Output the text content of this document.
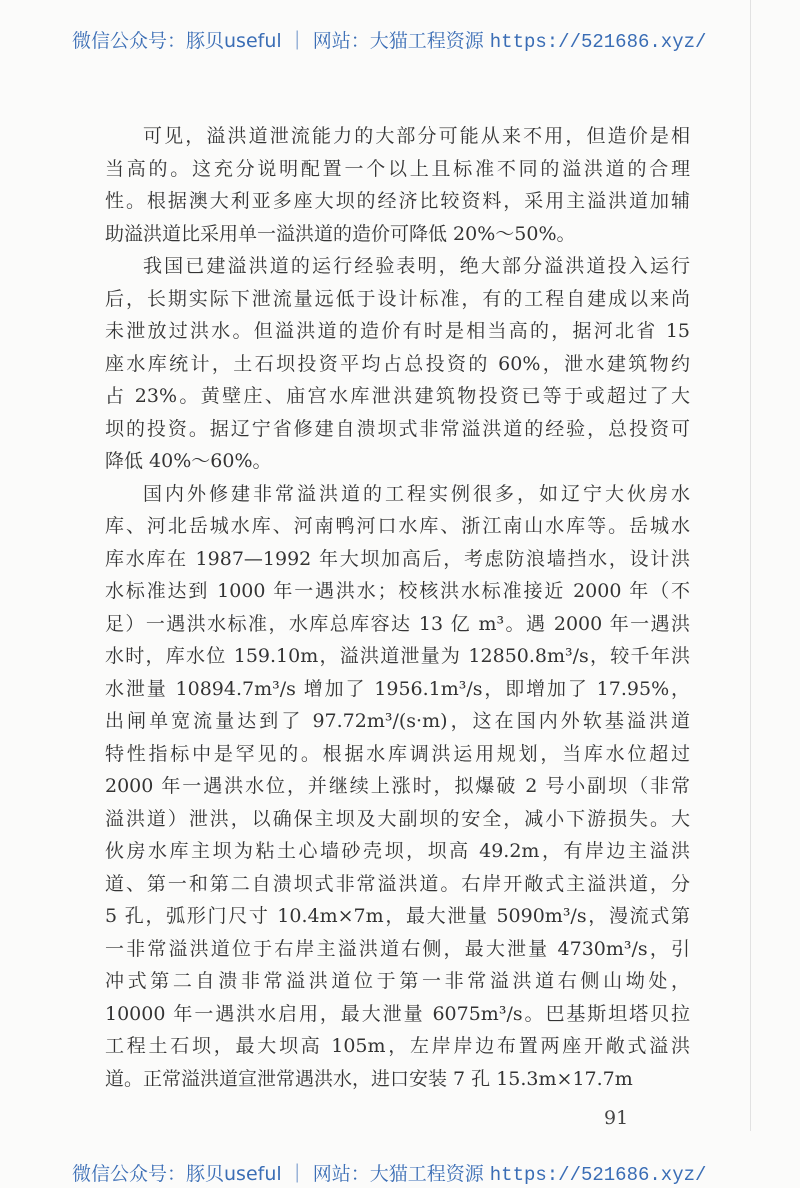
微信公众号：豚贝useful ｜ 网站：大猫工程资源 https://521686.xyz/
可见，溢洪道泄流能力的大部分可能从来不用，但造价是相
当高的。这充分说明配置一个以上且标准不同的溢洪道的合理
性。根据澳大利亚多座大坝的经济比较资料，采用主溢洪道加辅
助溢洪道比采用单一溢洪道的造价可降低 20%～50%。
我国已建溢洪道的运行经验表明，绝大部分溢洪道投入运行
后，长期实际下泄流量远低于设计标准，有的工程自建成以来尚
未泄放过洪水。但溢洪道的造价有时是相当高的，据河北省 15
座水库统计，土石坝投资平均占总投资的 60%，泄水建筑物约
占 23%。黄壁庄、庙宫水库泄洪建筑物投资已等于或超过了大
坝的投资。据辽宁省修建自溃坝式非常溢洪道的经验，总投资可
降低 40%～60%。
国内外修建非常溢洪道的工程实例很多，如辽宁大伙房水
库、河北岳城水库、河南鸭河口水库、浙江南山水库等。岳城水
库水库在 1987—1992 年大坝加高后，考虑防浪墙挡水，设计洪
水标准达到 1000 年一遇洪水；校核洪水标准接近 2000 年（不
足）一遇洪水标准，水库总库容达 13 亿 m³。遇 2000 年一遇洪
水时，库水位 159.10m，溢洪道泄量为 12850.8m³/s，较千年洪
水泄量 10894.7m³/s 增加了 1956.1m³/s，即增加了 17.95%，
出闸单宽流量达到了 97.72m³/(s·m)，这在国内外软基溢洪道
特性指标中是罕见的。根据水库调洪运用规划，当库水位超过
2000 年一遇洪水位，并继续上涨时，拟爆破 2 号小副坝（非常
溢洪道）泄洪，以确保主坝及大副坝的安全，减小下游损失。大
伙房水库主坝为粘土心墙砂壳坝，坝高 49.2m，有岸边主溢洪
道、第一和第二自溃坝式非常溢洪道。右岸开敞式主溢洪道，分
5 孔，弧形门尺寸 10.4m×7m，最大泄量 5090m³/s，漫流式第
一非常溢洪道位于右岸主溢洪道右侧，最大泄量 4730m³/s，引
冲式第二自溃非常溢洪道位于第一非常溢洪道右侧山坳处，
10000 年一遇洪水启用，最大泄量 6075m³/s。巴基斯坦塔贝拉
工程土石坝，最大坝高 105m，左岸岸边布置两座开敞式溢洪
道。正常溢洪道宣泄常遇洪水，进口安装 7 孔 15.3m×17.7m
91
微信公众号：豚贝useful ｜ 网站：大猫工程资源 https://521686.xyz/
